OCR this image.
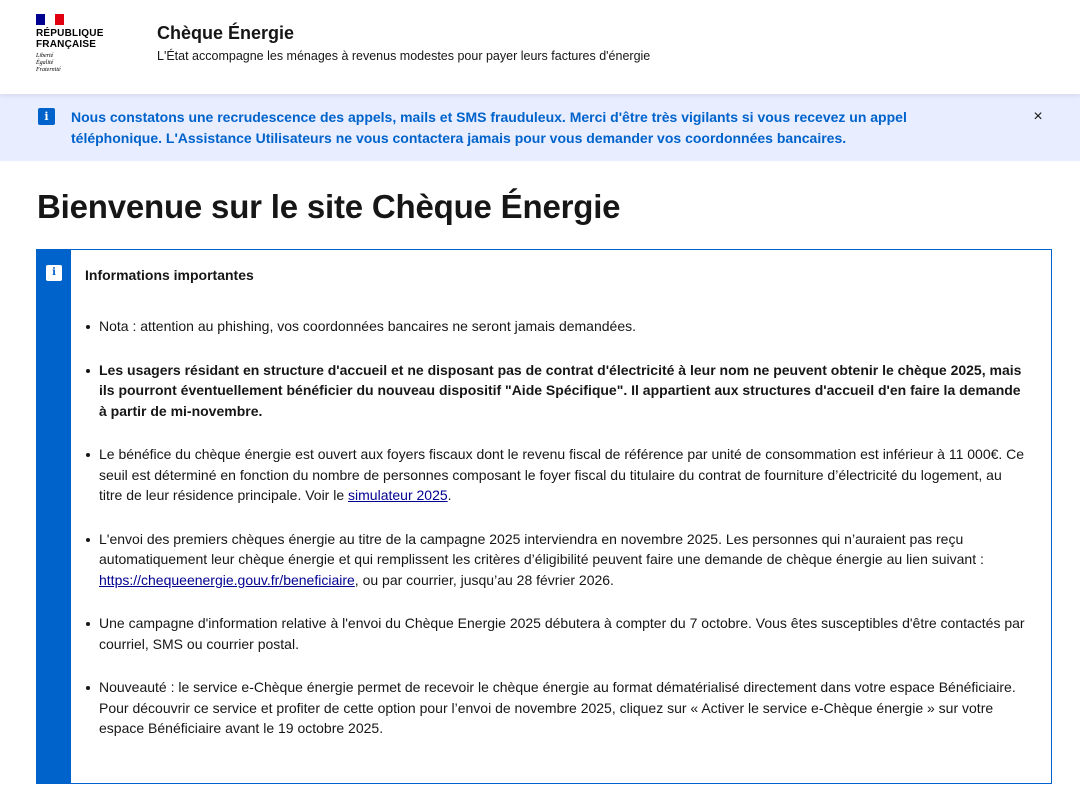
RÉPUBLIQUE
FRANÇAISE
Liberté
Égalité
Fraternité
Chèque Énergie
L'État accompagne les ménages à revenus modestes pour payer leurs factures d'énergie
i	Nous constatons une recrudescence des appels, mails et SMS frauduleux. Merci d'être très vigilants si vous recevez un appel téléphonique. L'Assistance Utilisateurs ne vous contactera jamais pour vous demander vos coordonnées bancaires.
×
Bienvenue sur le site Chèque Énergie
i	Informations importantes
Nota : attention au phishing, vos coordonnées bancaires ne seront jamais demandées.
Les usagers résidant en structure d'accueil et ne disposant pas de contrat d'électricité à leur nom ne peuvent obtenir le chèque 2025, mais ils pourront éventuellement bénéficier du nouveau dispositif "Aide Spécifique". Il appartient aux structures d'accueil d'en faire la demande à partir de mi-novembre.
Le bénéfice du chèque énergie est ouvert aux foyers fiscaux dont le revenu fiscal de référence par unité de consommation est inférieur à 11 000€. Ce seuil est déterminé en fonction du nombre de personnes composant le foyer fiscal du titulaire du contrat de fourniture d’électricité du logement, au titre de leur résidence principale. Voir le simulateur 2025.
L'envoi des premiers chèques énergie au titre de la campagne 2025 interviendra en novembre 2025. Les personnes qui n’auraient pas reçu automatiquement leur chèque énergie et qui remplissent les critères d’éligibilité peuvent faire une demande de chèque énergie au lien suivant : https://chequeenergie.gouv.fr/beneficiaire, ou par courrier, jusqu’au 28 février 2026.
Une campagne d'information relative à l'envoi du Chèque Energie 2025 débutera à compter du 7 octobre. Vous êtes susceptibles d'être contactés par courriel, SMS ou courrier postal.
Nouveauté : le service e-Chèque énergie permet de recevoir le chèque énergie au format dématérialisé directement dans votre espace Bénéficiaire. Pour découvrir ce service et profiter de cette option pour l’envoi de novembre 2025, cliquez sur « Activer le service e-Chèque énergie » sur votre espace Bénéficiaire avant le 19 octobre 2025.
